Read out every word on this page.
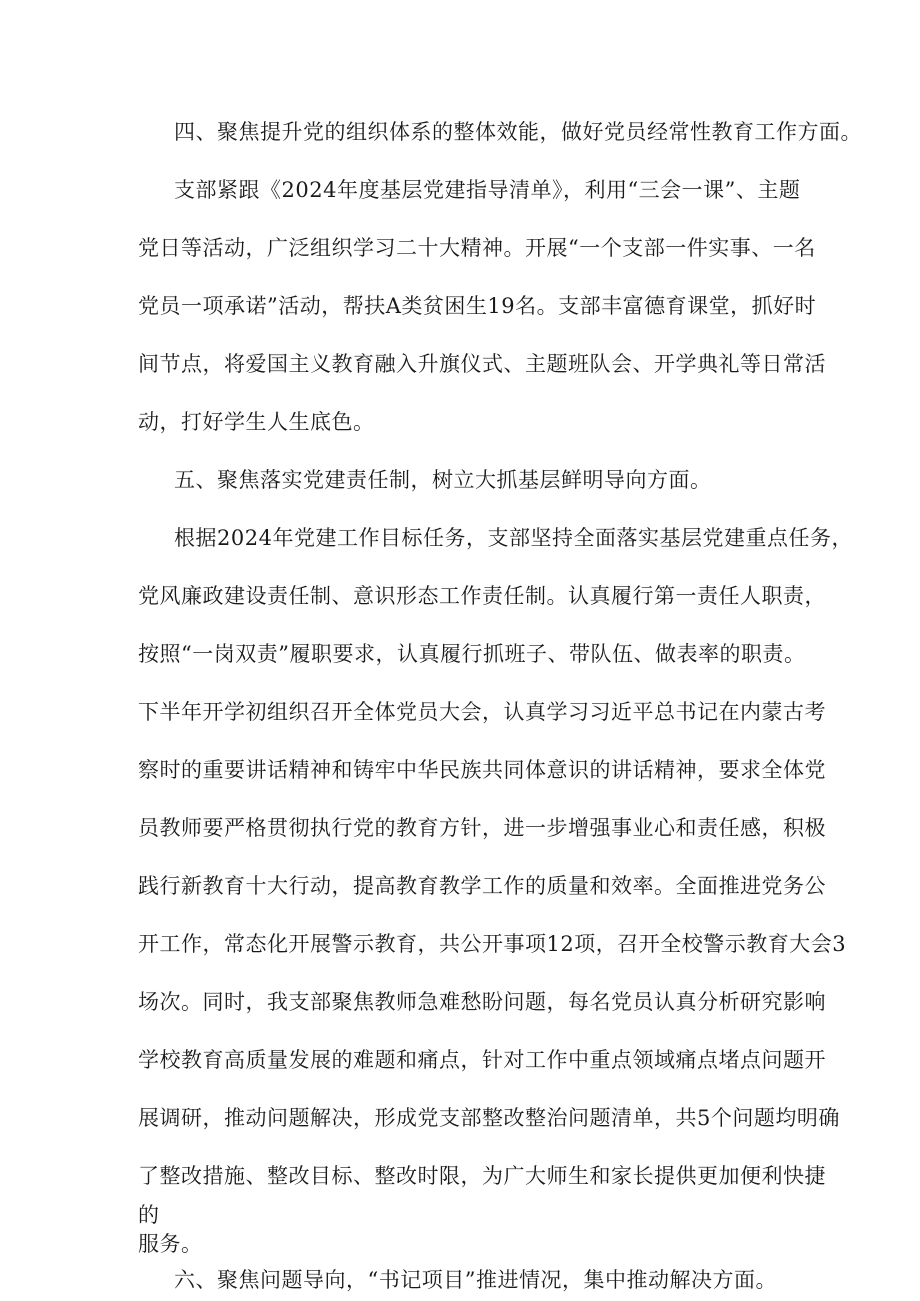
四、聚焦提升党的组织体系的整体效能，做好党员经常性教育工作方面。
支部紧跟《2024年度基层党建指导清单》，利用“三会一课”、主题
党日等活动，广泛组织学习二十大精神。开展“一个支部一件实事、一名
党员一项承诺”活动，帮扶A类贫困生19名。支部丰富德育课堂，抓好时
间节点，将爱国主义教育融入升旗仪式、主题班队会、开学典礼等日常活
动，打好学生人生底色。
五、聚焦落实党建责任制，树立大抓基层鲜明导向方面。
根据2024年党建工作目标任务，支部坚持全面落实基层党建重点任务，
党风廉政建设责任制、意识形态工作责任制。认真履行第一责任人职责，
按照“一岗双责”履职要求，认真履行抓班子、带队伍、做表率的职责。
下半年开学初组织召开全体党员大会，认真学习习近平总书记在内蒙古考
察时的重要讲话精神和铸牢中华民族共同体意识的讲话精神，要求全体党
员教师要严格贯彻执行党的教育方针，进一步增强事业心和责任感，积极
践行新教育十大行动，提高教育教学工作的质量和效率。全面推进党务公
开工作，常态化开展警示教育，共公开事项12项，召开全校警示教育大会3
场次。同时，我支部聚焦教师急难愁盼问题，每名党员认真分析研究影响
学校教育高质量发展的难题和痛点，针对工作中重点领域痛点堵点问题开
展调研，推动问题解决，形成党支部整改整治问题清单，共5个问题均明确
了整改措施、整改目标、整改时限，为广大师生和家长提供更加便利快捷
的
服务。
六、聚焦问题导向，“书记项目”推进情况，集中推动解决方面。
